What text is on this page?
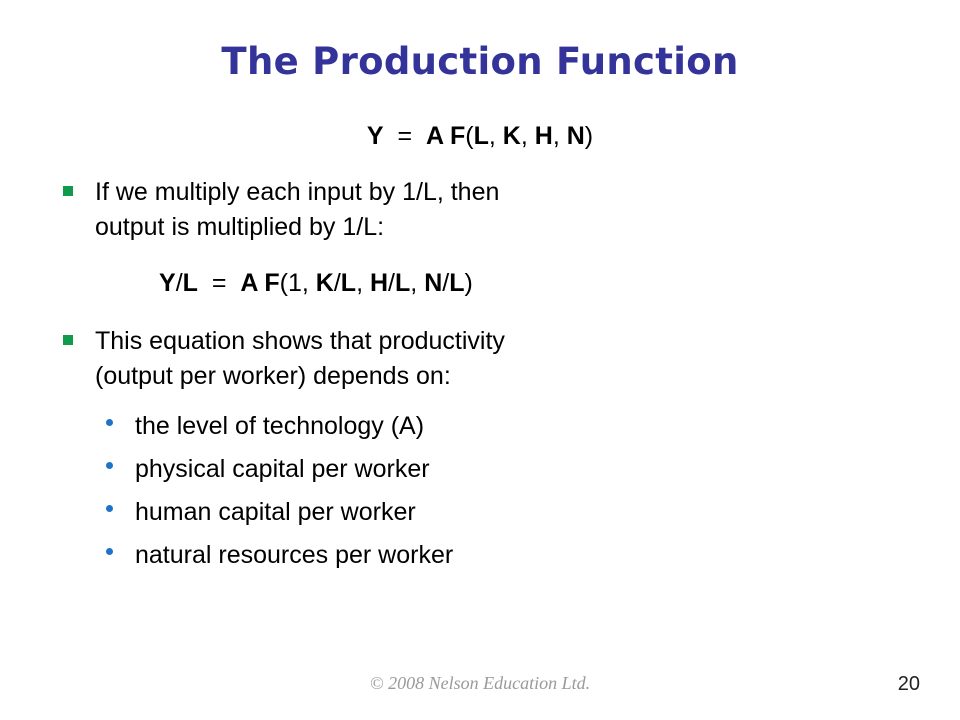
The Production Function
Y  =  A F(L, K, H, N)
If we multiply each input by 1/L, then
output is multiplied by 1/L:
Y/L  =  A F(1, K/L, H/L, N/L)
This equation shows that productivity
(output per worker) depends on:
the level of technology (A)
physical capital per worker
human capital per worker
natural resources per worker
© 2008 Nelson Education Ltd.	20
